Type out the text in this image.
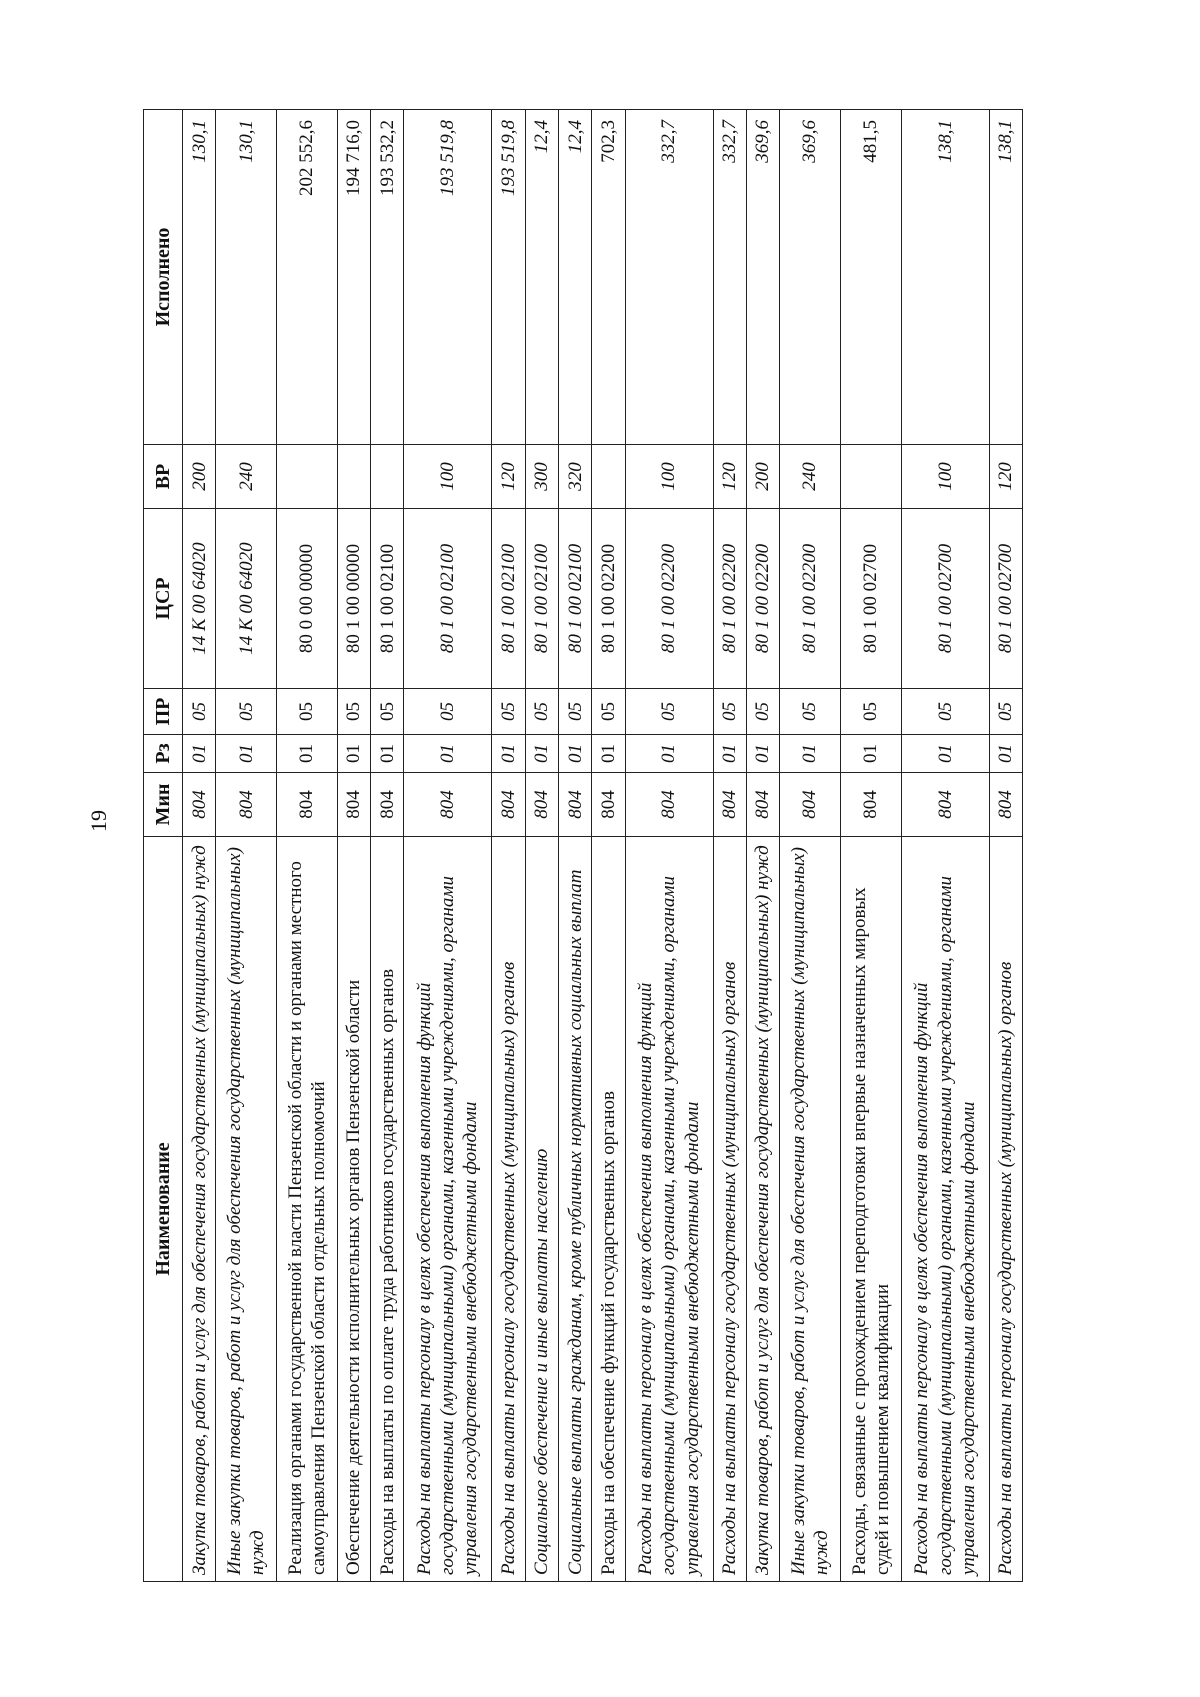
19
Наименование	Мин	Рз	ПР	ЦСР	ВР	Исполнено
Закупка товаров, работ и услуг для обеспечения государственных (муниципальных) нужд	804	01	05	14 К 00 64020	200	130,1
Иные закупки товаров, работ и услуг для обеспечения государственных (муниципальных) нужд	804	01	05	14 К 00 64020	240	130,1
Реализация органами государственной власти Пензенской области и органами местного самоуправления Пензенской области отдельных полномочий	804	01	05	80 0 00 00000		202 552,6
Обеспечение деятельности исполнительных органов Пензенской области	804	01	05	80 1 00 00000		194 716,0
Расходы на выплаты по оплате труда работников государственных органов	804	01	05	80 1 00 02100		193 532,2
Расходы на выплаты персоналу в целях обеспечения выполнения функций государственными (муниципальными) органами, казенными учреждениями, органами управления государственными внебюджетными фондами	804	01	05	80 1 00 02100	100	193 519,8
Расходы на выплаты персоналу государственных (муниципальных) органов	804	01	05	80 1 00 02100	120	193 519,8
Социальное обеспечение и иные выплаты населению	804	01	05	80 1 00 02100	300	12,4
Социальные выплаты гражданам, кроме публичных нормативных социальных выплат	804	01	05	80 1 00 02100	320	12,4
Расходы на обеспечение функций государственных органов	804	01	05	80 1 00 02200		702,3
Расходы на выплаты персоналу в целях обеспечения выполнения функций государственными (муниципальными) органами, казенными учреждениями, органами управления государственными внебюджетными фондами	804	01	05	80 1 00 02200	100	332,7
Расходы на выплаты персоналу государственных (муниципальных) органов	804	01	05	80 1 00 02200	120	332,7
Закупка товаров, работ и услуг для обеспечения государственных (муниципальных) нужд	804	01	05	80 1 00 02200	200	369,6
Иные закупки товаров, работ и услуг для обеспечения государственных (муниципальных) нужд	804	01	05	80 1 00 02200	240	369,6
Расходы, связанные с прохождением переподготовки впервые назначенных мировых судей и повышением квалификации	804	01	05	80 1 00 02700		481,5
Расходы на выплаты персоналу в целях обеспечения выполнения функций государственными (муниципальными) органами, казенными учреждениями, органами управления государственными внебюджетными фондами	804	01	05	80 1 00 02700	100	138,1
Расходы на выплаты персоналу государственных (муниципальных) органов	804	01	05	80 1 00 02700	120	138,1
